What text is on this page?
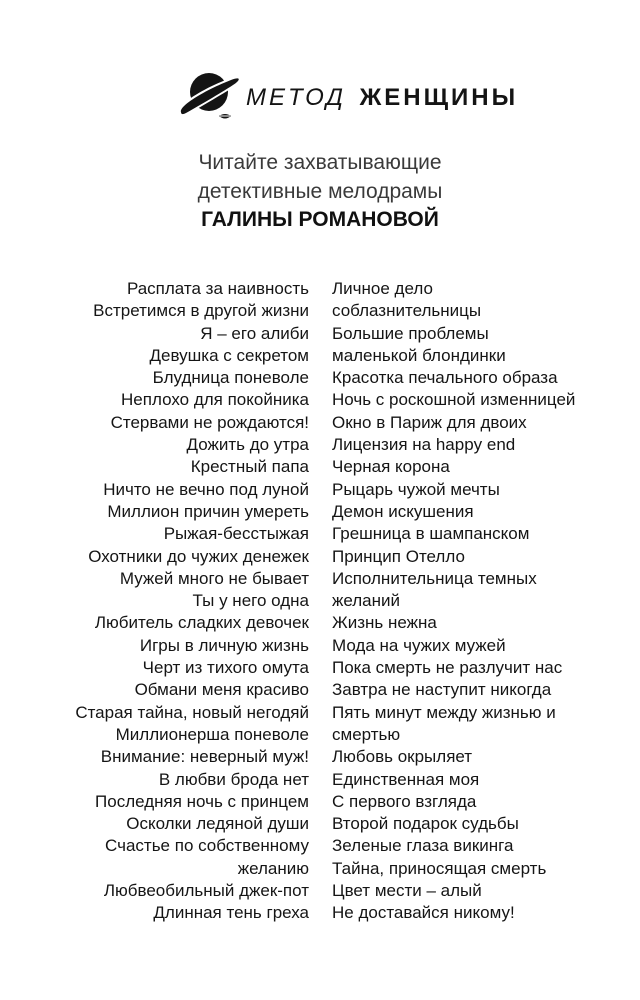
МЕТОД ЖЕНЩИНЫ
Читайте захватывающие
детективные мелодрамы
ГАЛИНЫ РОМАНОВОЙ
Расплата за наивность
Встретимся в другой жизни
Я – его алиби
Девушка с секретом
Блудница поневоле
Неплохо для покойника
Стервами не рождаются!
Дожить до утра
Крестный папа
Ничто не вечно под луной
Миллион причин умереть
Рыжая-бесстыжая
Охотники до чужих денежек
Мужей много не бывает
Ты у него одна
Любитель сладких девочек
Игры в личную жизнь
Черт из тихого омута
Обмани меня красиво
Старая тайна, новый негодяй
Миллионерша поневоле
Внимание: неверный муж!
В любви брода нет
Последняя ночь с принцем
Осколки ледяной души
Счастье по собственному
желанию
Любвеобильный джек-пот
Длинная тень греха
Личное дело
соблазнительницы
Большие проблемы
маленькой блондинки
Красотка печального образа
Ночь с роскошной изменницей
Окно в Париж для двоих
Лицензия на happy end
Черная корона
Рыцарь чужой мечты
Демон искушения
Грешница в шампанском
Принцип Отелло
Исполнительница темных
желаний
Жизнь нежна
Мода на чужих мужей
Пока смерть не разлучит нас
Завтра не наступит никогда
Пять минут между жизнью и
смертью
Любовь окрыляет
Единственная моя
С первого взгляда
Второй подарок судьбы
Зеленые глаза викинга
Тайна, приносящая смерть
Цвет мести – алый
Не доставайся никому!
